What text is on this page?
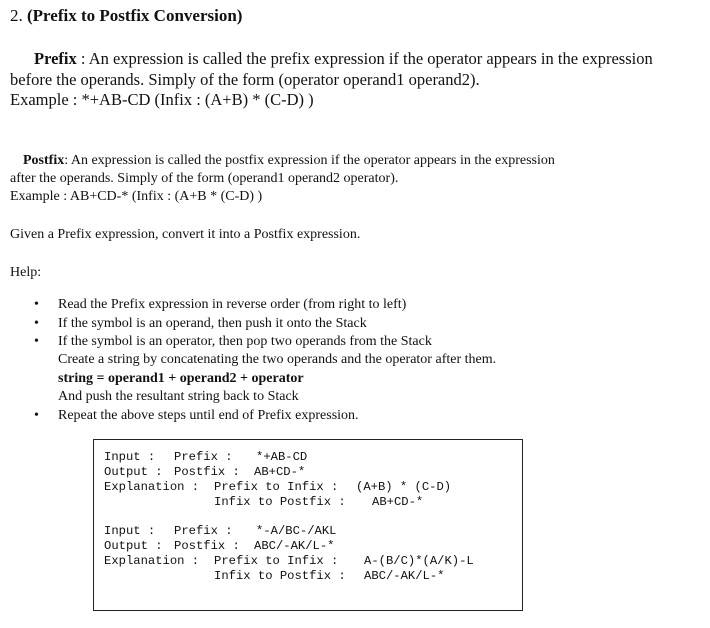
2. (Prefix to Postfix Conversion)
Prefix : An expression is called the prefix expression if the operator appears in the expression
before the operands. Simply of the form (operator operand1 operand2).
Example : *+AB-CD (Infix : (A+B) * (C-D) )
Postfix: An expression is called the postfix expression if the operator appears in the expression
after the operands. Simply of the form (operand1 operand2 operator).
Example : AB+CD-* (Infix : (A+B * (C-D) )
Given a Prefix expression, convert it into a Postfix expression.
Help:
• Read the Prefix expression in reverse order (from right to left)
• If the symbol is an operand, then push it onto the Stack
• If the symbol is an operator, then pop two operands from the Stack
Create a string by concatenating the two operands and the operator after them.
string = operand1 + operand2 + operator
And push the resultant string back to Stack
• Repeat the above steps until end of Prefix expression.
Input : Prefix : *+AB-CD
Output : Postfix : AB+CD-*
Explanation : Prefix to Infix : (A+B) * (C-D)
Infix to Postfix : AB+CD-*
Input : Prefix : *-A/BC-/AKL
Output : Postfix : ABC/-AK/L-*
Explanation : Prefix to Infix : A-(B/C)*(A/K)-L
Infix to Postfix : ABC/-AK/L-*
